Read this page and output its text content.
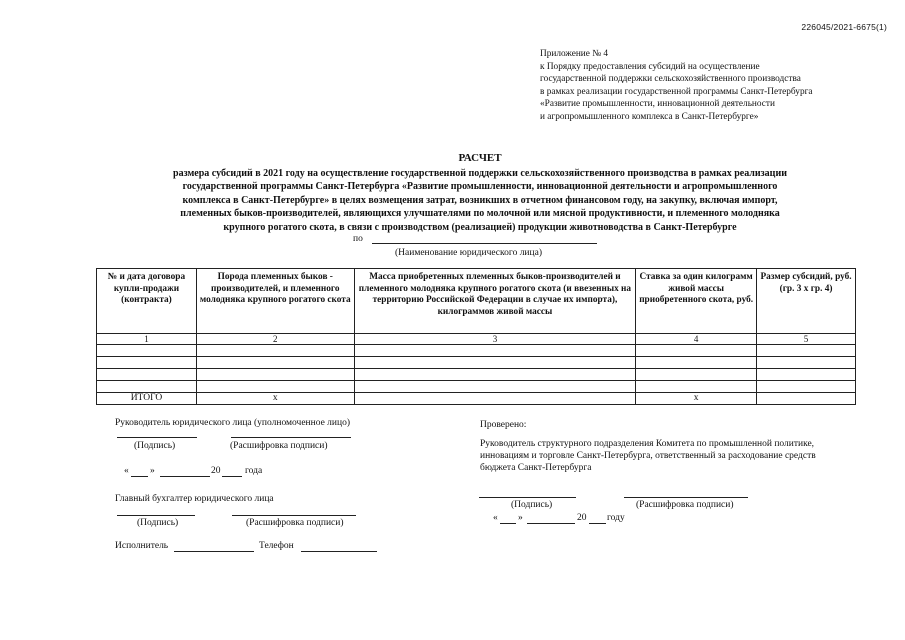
226045/2021-6675(1)
Приложение № 4
к Порядку предоставления субсидий на осуществление
государственной поддержки сельскохозяйственного производства
в рамках реализации государственной программы Санкт-Петербурга
«Развитие промышленности, инновационной деятельности
и агропромышленного комплекса в Санкт-Петербурге»
РАСЧЕТ
размера субсидий в 2021 году на осуществление государственной поддержки сельскохозяйственного производства в рамках реализации
государственной программы Санкт-Петербурга «Развитие промышленности, инновационной деятельности и агропромышленного
комплекса в Санкт-Петербурге» в целях возмещения затрат, возникших в отчетном финансовом году, на закупку, включая импорт,
племенных быков-производителей, являющихся улучшателями по молочной или мясной продуктивности, и племенного молодняка
крупного рогатого скота, в связи с производством (реализацией) продукции животноводства в Санкт-Петербурге
по
(Наименование юридического лица)
№ и дата договора купли-продажи (контракта)	Порода племенных быков - производителей, и племенного молодняка крупного рогатого скота	Масса приобретенных племенных быков-производителей и племенного молодняка крупного рогатого скота (и ввезенных на территорию Российской Федерации в случае их импорта), килограммов живой массы	Ставка за один килограмм живой массы приобретенного скота, руб.	Размер субсидий, руб. (гр. 3 x гр. 4)
1	2	3	4	5

ИТОГО	х		х	
Руководитель юридического лица (уполномоченное лицо)
(Подпись)	(Расшифровка подписи)
« »	20	года
Главный бухгалтер юридического лица
(Подпись)	(Расшифровка подписи)
Исполнитель	Телефон
Проверено:
Руководитель структурного подразделения Комитета по промышленной политике,
инновациям и торговле Санкт-Петербурга, ответственный за расходование средств
бюджета Санкт-Петербурга
(Подпись)	(Расшифровка подписи)
« »	20 году
